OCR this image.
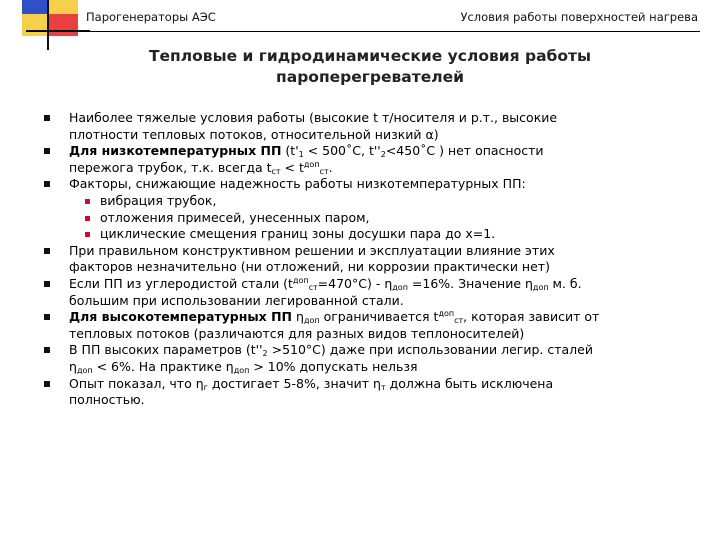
Парогенераторы АЭС	Условия работы поверхностей нагрева
Тепловые и гидродинамические условия работы
пароперегревателей
Наиболее тяжелые условия работы (высокие t т/носителя и р.т., высокие
плотности тепловых потоков, относительной низкий α)
Для низкотемпературных ПП ($t'_1$ < 500˚С, $t''_2<450˚С$ ) нет опасности
пережога трубок, т.к. всегда $t_{ст} < t^{доп}_{ст}$.
Факторы, снижающие надежность работы низкотемпературных ПП:
вибрация трубок,
отложения примесей, унесенных паром,
циклические смещения границ зоны досушки пара до x=1.
При правильном конструктивном решении и эксплуатации влияние этих
факторов незначительно (ни отложений, ни коррозии практически нет)
Если ПП из углеродистой стали $(t^{доп}_{ст}=470^\circ С) - \eta_{доп} =16\%$. Значение $\eta_{доп}$ м. б.
большим при использовании легированной стали.
Для высокотемпературных ПП $\eta_{доп}$ ограничивается $t^{доп}_{ст}$, которая зависит от
тепловых потоков (различаются для разных видов теплоносителей)
В ПП высоких параметров $(t''_2 >510^\circ С)$ даже при использовании легир. сталей
$\eta_{доп} < 6\%$. На практике $\eta_{доп} > 10\%$ допускать нельзя
Опыт показал, что $\eta_г$ достигает 5-8%, значит $\eta_т$ должна быть исключена
полностью.
